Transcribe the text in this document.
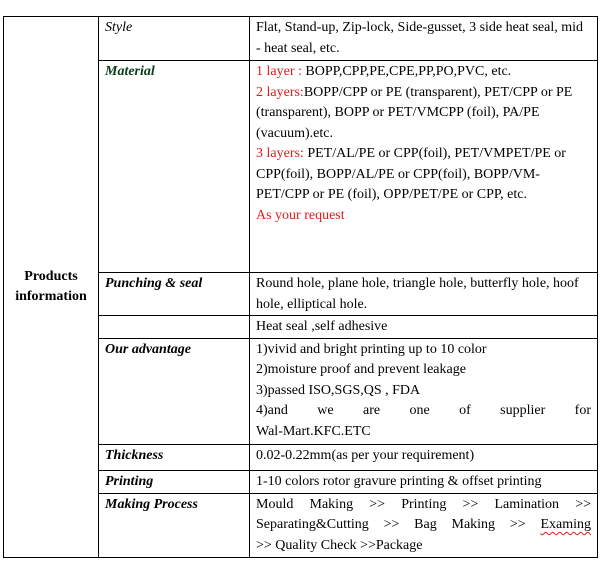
Products
information	Style	Flat, Stand-up, Zip-lock, Side-gusset, 3 side heat seal, mid - heat seal, etc.
	Material	1 layer : BOPP,CPP,PE,CPE,PP,PO,PVC, etc.
2 layers:BOPP/CPP or PE (transparent), PET/CPP or PE (transparent), BOPP or PET/VMCPP (foil), PA/PE (vacuum).etc.
3 layers: PET/AL/PE or CPP(foil), PET/VMPET/PE or CPP(foil), BOPP/AL/PE or CPP(foil), BOPP/VM-
PET/CPP or PE (foil), OPP/PET/PE or CPP, etc.
As your request
	Punching & seal	Round hole, plane hole, triangle hole, butterfly hole, hoof hole, elliptical hole.
		Heat seal ,self adhesive
	Our advantage	1)vivid and bright printing up to 10 color
2)moisture proof and prevent leakage
3)passed ISO,SGS,QS , FDA
4)and we are one of supplier for
Wal-Mart.KFC.ETC

	Thickness	0.02-0.22mm(as per your requirement)
	Printing	1-10 colors rotor gravure printing & offset printing
	Making Process	Mould Making >> Printing >> Lamination >>
Separating&Cutting >> Bag Making >> Examing
>> Quality Check >>Package
